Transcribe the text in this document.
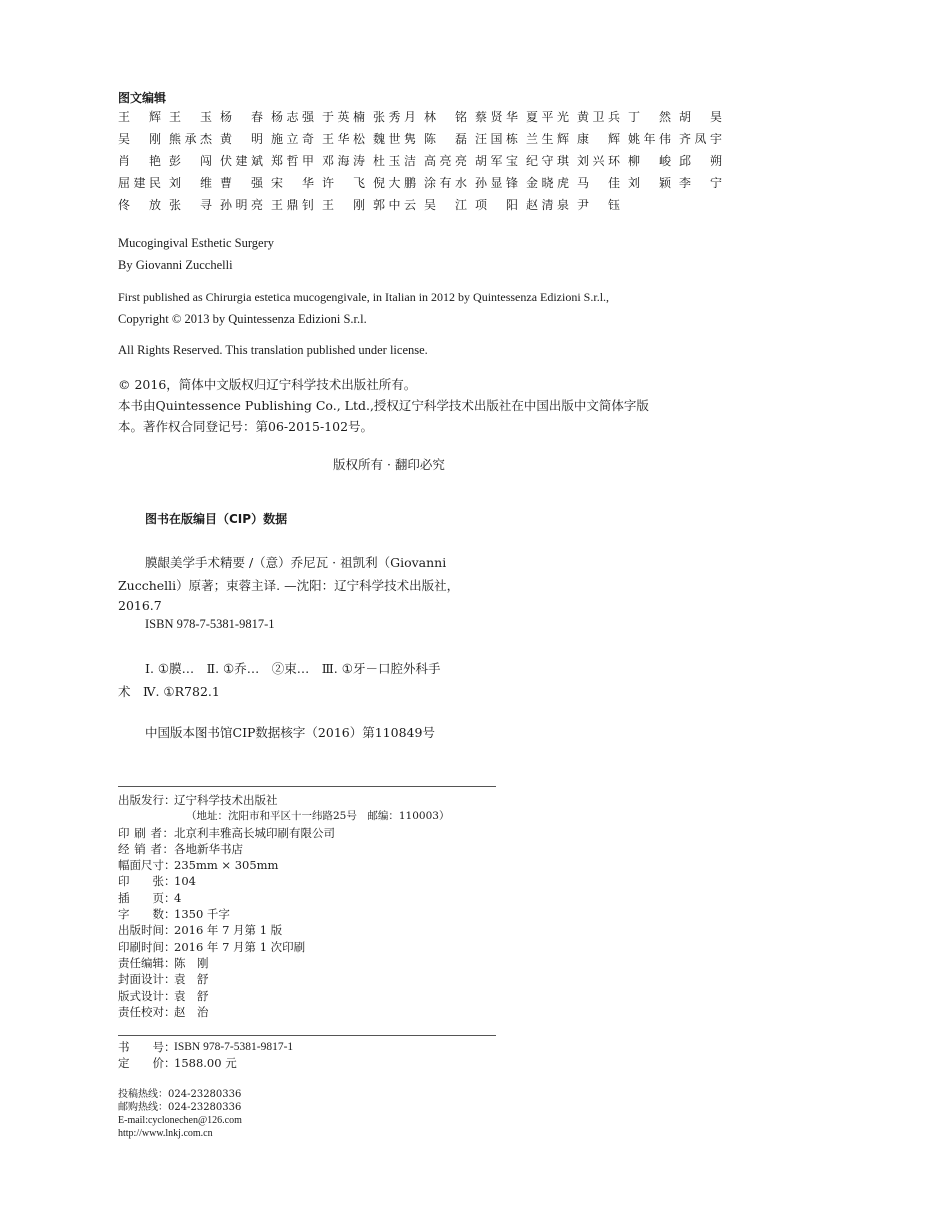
图文编辑
王 辉 王 玉 杨 春 杨志强 于英楠 张秀月 林 铭 蔡贤华 夏平光 黄卫兵 丁 然 胡 昊
吴 刚 熊承杰 黄 明 施立奇 王华松 魏世隽 陈 磊 汪国栋 兰生辉 康 辉 姚年伟 齐凤宇
肖 艳 彭 闯 伏建斌 郑哲甲 邓海涛 杜玉洁 高亮亮 胡军宝 纪守琪 刘兴环 柳 峻 邱 朔
屈建民 刘 维 曹 强 宋 华 许 飞 倪大鹏 涂有水 孙显锋 金晓虎 马 佳 刘 颖 李 宁
佟 放 张 寻 孙明亮 王鼎钊 王 刚 郭中云 吴 江 项 阳 赵清泉 尹 钰
Mucogingival Esthetic Surgery
By Giovanni Zucchelli
First published as Chirurgia estetica mucogengivale, in Italian in 2012 by Quintessenza Edizioni S.r.l.,
Copyright © 2013 by Quintessenza Edizioni S.r.l.
All Rights Reserved. This translation published under license.
© 2016，简体中文版权归辽宁科学技术出版社所有。
本书由Quintessence Publishing Co., Ltd.,授权辽宁科学技术出版社在中国出版中文简体字版
本。著作权合同登记号：第06-2015-102号。
版权所有 · 翻印必究
图书在版编目（CIP）数据
膜龈美学手术精要 /（意）乔尼瓦 · 祖凯利（Giovanni
Zucchelli）原著；束蓉主译. —沈阳：辽宁科学技术出版社，
2016.7
ISBN 978-7-5381-9817-1
Ⅰ. ①膜…　Ⅱ. ①乔…　②束…　Ⅲ. ①牙－口腔外科手
术　Ⅳ. ①R782.1
中国版本图书馆CIP数据核字（2016）第110849号
出版发行：
辽宁科学技术出版社
（地址：沈阳市和平区十一纬路25号　邮编：110003）
印 刷 者： 北京利丰雅高长城印刷有限公司
经 销 者： 各地新华书店
幅面尺寸：
235mm × 305mm
印　　张：
104
插　　页：
4
字　　数：
1350 千字
出版时间：
2016 年 7 月第 1 版
印刷时间：
2016 年 7 月第 1 次印刷
责任编辑：
陈　刚
封面设计：
袁　舒
版式设计：
袁　舒
责任校对：
赵　治
书　　号：
ISBN 978-7-5381-9817-1
定　　价：
1588.00 元
投稿热线：024-23280336
邮购热线：024-23280336
E-mail:cyclonechen@126.com
http://www.lnkj.com.cn
